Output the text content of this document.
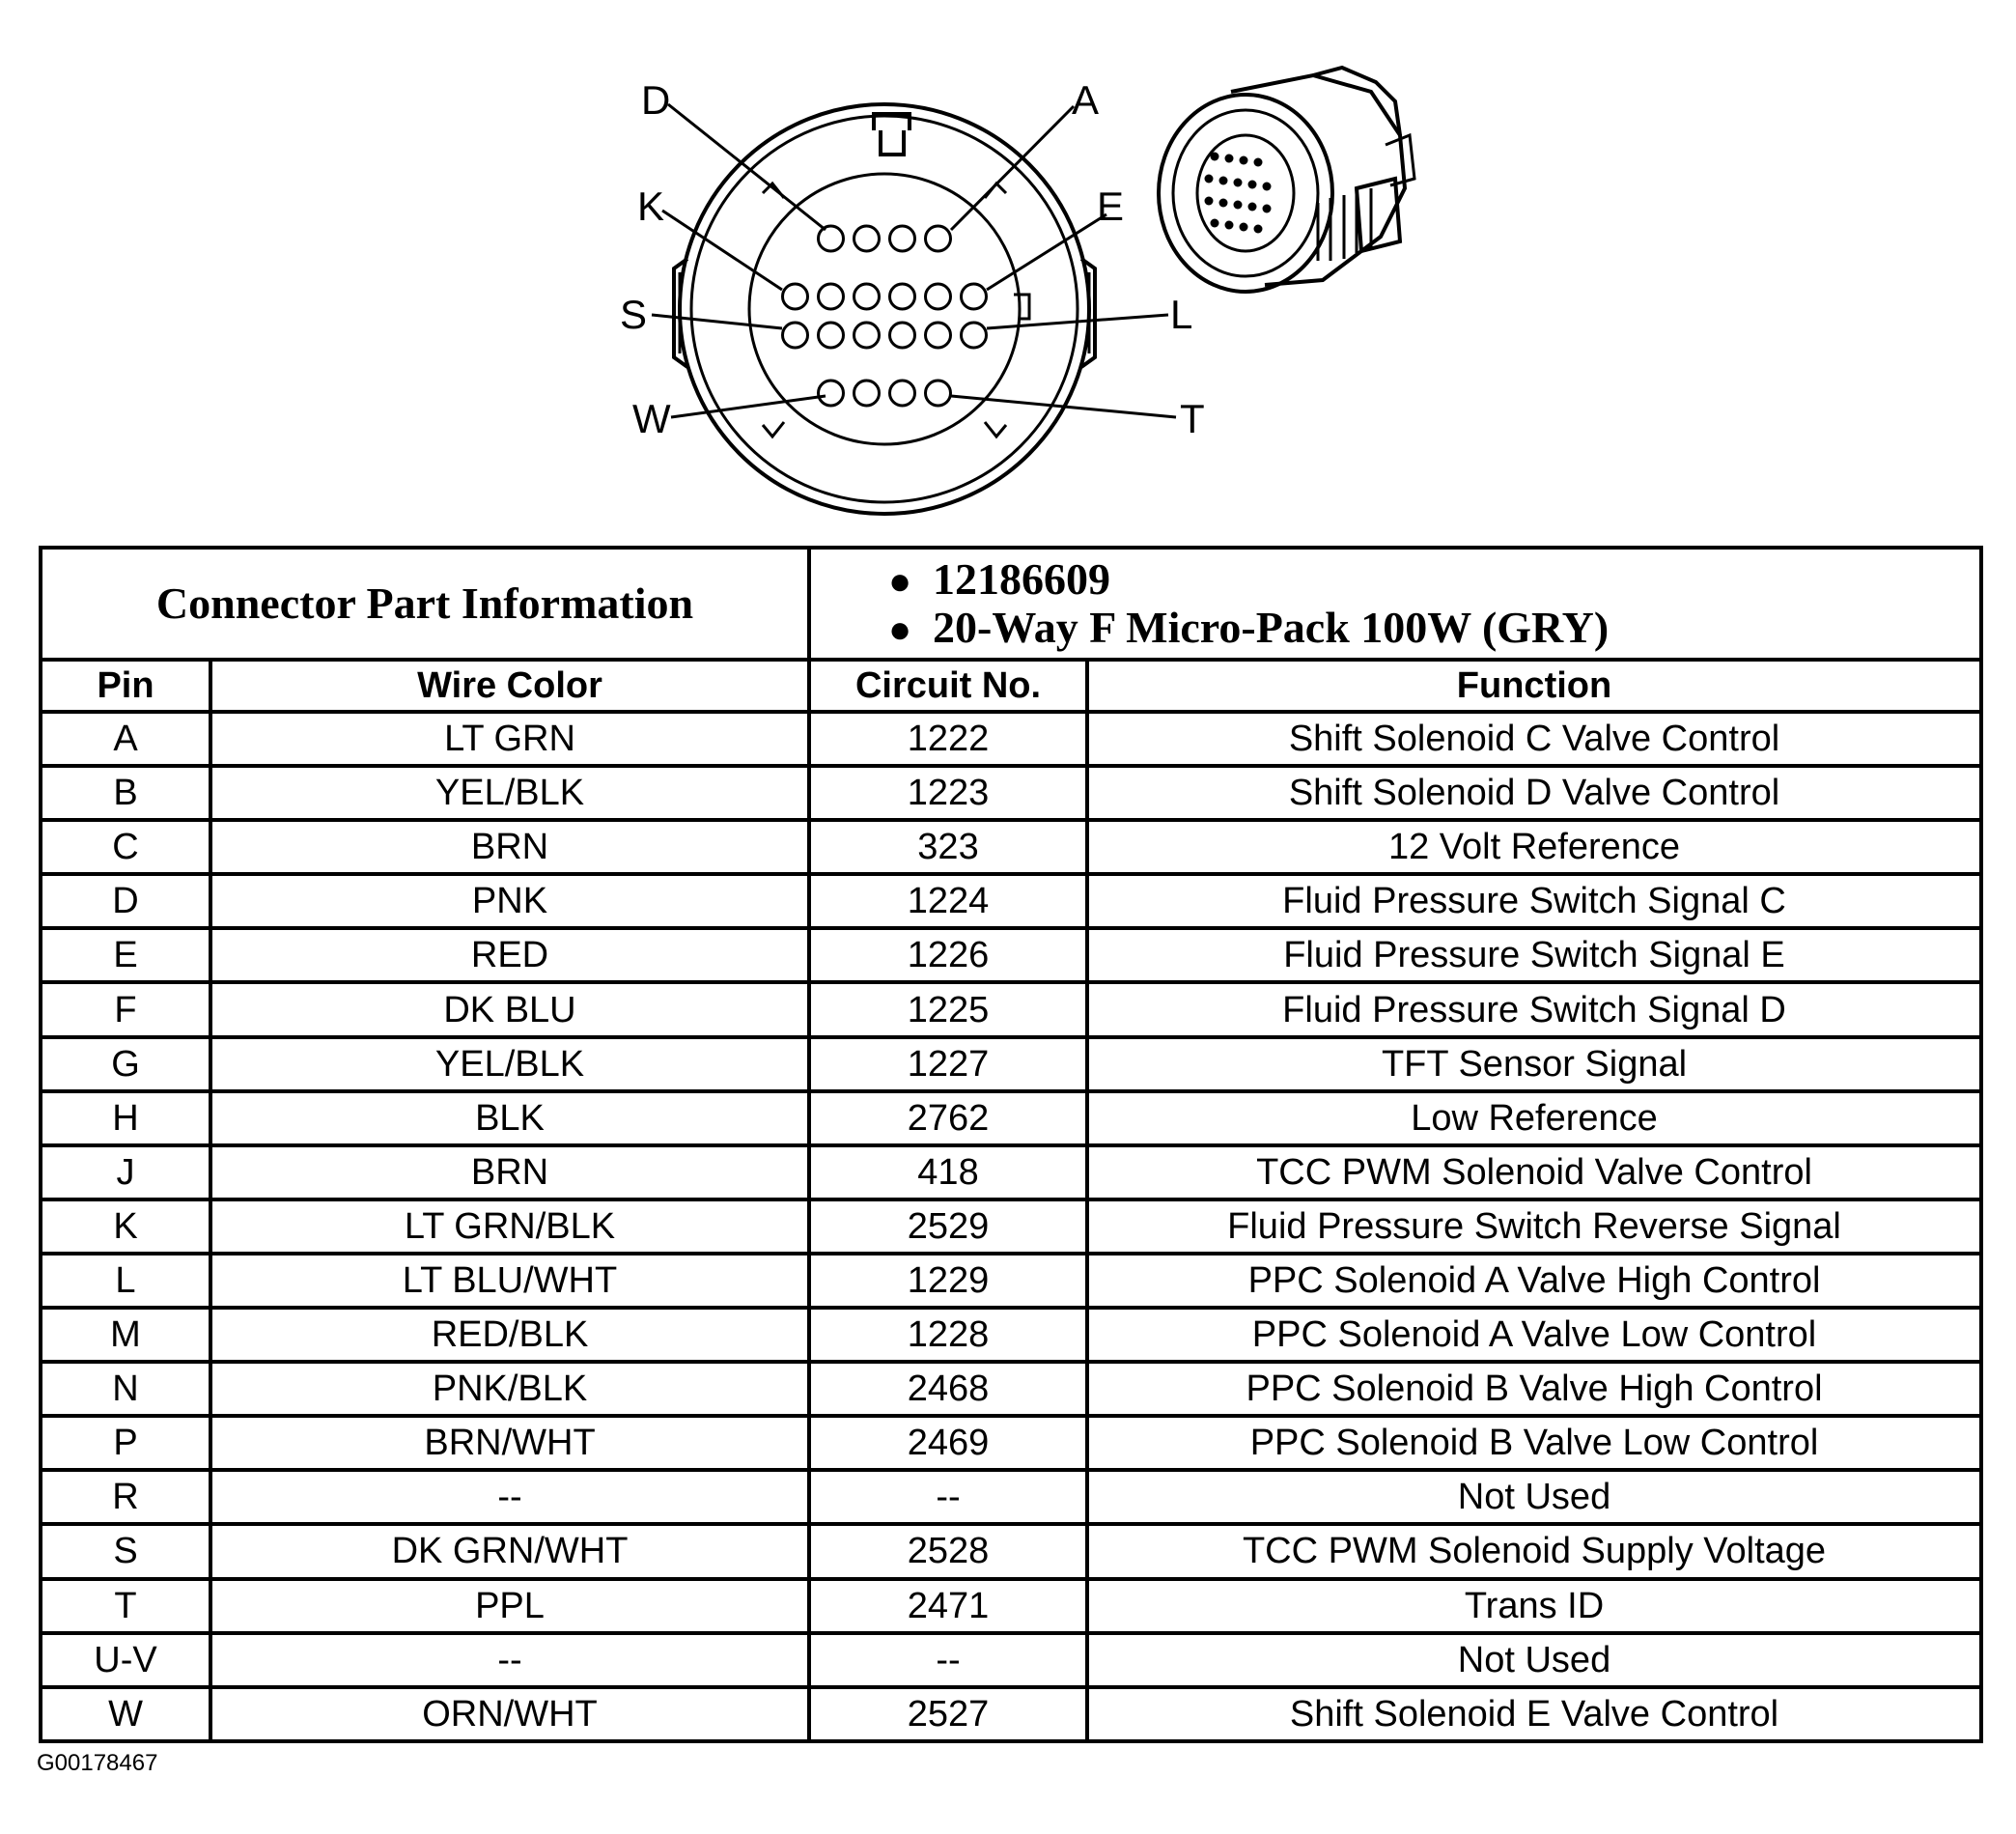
D	A
K	E
S	L
W	T
Connector Part Information		● 12186609
● 20-Way F Micro-Pack 100W (GRY)	

Pin	Wire Color	Circuit No.	Function
A	LT GRN	1222	Shift Solenoid C Valve Control
B	YEL/BLK	1223	Shift Solenoid D Valve Control
C	BRN	323	12 Volt Reference
D	PNK	1224	Fluid Pressure Switch Signal C
E	RED	1226	Fluid Pressure Switch Signal E
F	DK BLU	1225	Fluid Pressure Switch Signal D
G	YEL/BLK	1227	TFT Sensor Signal
H	BLK	2762	Low Reference
J	BRN	418	TCC PWM Solenoid Valve Control
K	LT GRN/BLK	2529	Fluid Pressure Switch Reverse Signal
L	LT BLU/WHT	1229	PPC Solenoid A Valve High Control
M	RED/BLK	1228	PPC Solenoid A Valve Low Control
N	PNK/BLK	2468	PPC Solenoid B Valve High Control
P	BRN/WHT	2469	PPC Solenoid B Valve Low Control
R	--	--	Not Used
S	DK GRN/WHT	2528	TCC PWM Solenoid Supply Voltage
T	PPL	2471	Trans ID
U-V	--	--	Not Used
W	ORN/WHT	2527	Shift Solenoid E Valve Control
G00178467
